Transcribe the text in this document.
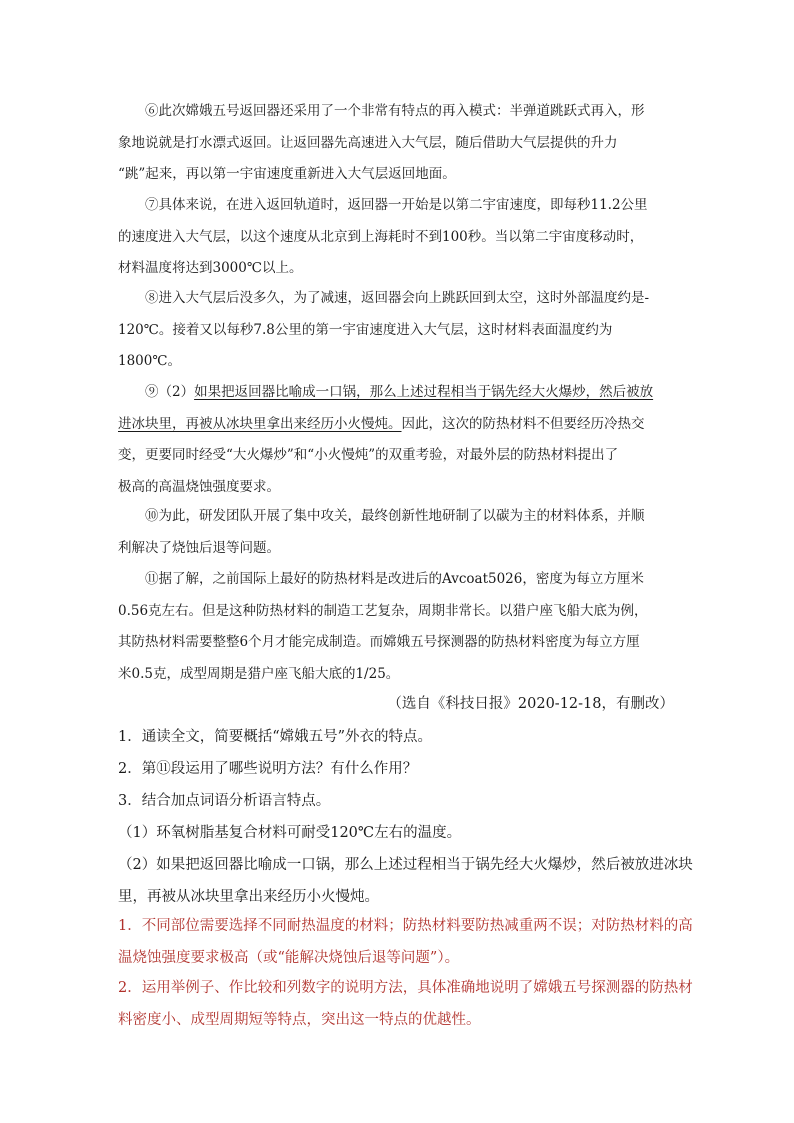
⑥此次嫦娥五号返回器还采用了一个非常有特点的再入模式：半弹道跳跃式再入，形
象地说就是打水漂式返回。让返回器先高速进入大气层，随后借助大气层提供的升力
“跳”起来，再以第一宇宙速度重新进入大气层返回地面。

⑦具体来说，在进入返回轨道时，返回器一开始是以第二宇宙速度，即每秒11.2公里
的速度进入大气层，以这个速度从北京到上海耗时不到100秒。当以第二宇宙度移动时，
材料温度将达到3000℃以上。

⑧进入大气层后没多久，为了减速，返回器会向上跳跃回到太空，这时外部温度约是-
120℃。接着又以每秒7.8公里的第一宇宙速度进入大气层，这时材料表面温度约为
1800℃。

⑨（2）如果把返回器比喻成一口锅，那么上述过程相当于锅先经大火爆炒，然后被放
进冰块里，再被从冰块里拿出来经历小火慢炖。因此，这次的防热材料不但要经历冷热交
变，更要同时经受“大火爆炒”和“小火慢炖”的双重考验，对最外层的防热材料提出了
极高的高温烧蚀强度要求。

⑩为此，研发团队开展了集中攻关，最终创新性地研制了以碳为主的材料体系，并顺
利解决了烧蚀后退等问题。

⑪据了解，之前国际上最好的防热材料是改进后的Avcoat5026，密度为每立方厘米
0.56克左右。但是这种防热材料的制造工艺复杂，周期非常长。以猎户座飞船大底为例，
其防热材料需要整整6个月才能完成制造。而嫦娥五号探测器的防热材料密度为每立方厘
米0.5克，成型周期是猎户座飞船大底的1/25。

（选自《科技日报》2020-12-18，有删改）

1．通读全文，简要概括“嫦娥五号”外衣的特点。

2．第⑪段运用了哪些说明方法？有什么作用？

3．结合加点词语分析语言特点。

（1）环氧树脂基复合材料可耐受120℃左右的温度。

（2）如果把返回器比喻成一口锅，那么上述过程相当于锅先经大火爆炒，然后被放进冰块
里，再被从冰块里拿出来经历小火慢炖。

1．不同部位需要选择不同耐热温度的材料；防热材料要防热减重两不误；对防热材料的高
温烧蚀强度要求极高（或“能解决烧蚀后退等问题”）。

2．运用举例子、作比较和列数字的说明方法，具体准确地说明了嫦娥五号探测器的防热材
料密度小、成型周期短等特点，突出这一特点的优越性。
